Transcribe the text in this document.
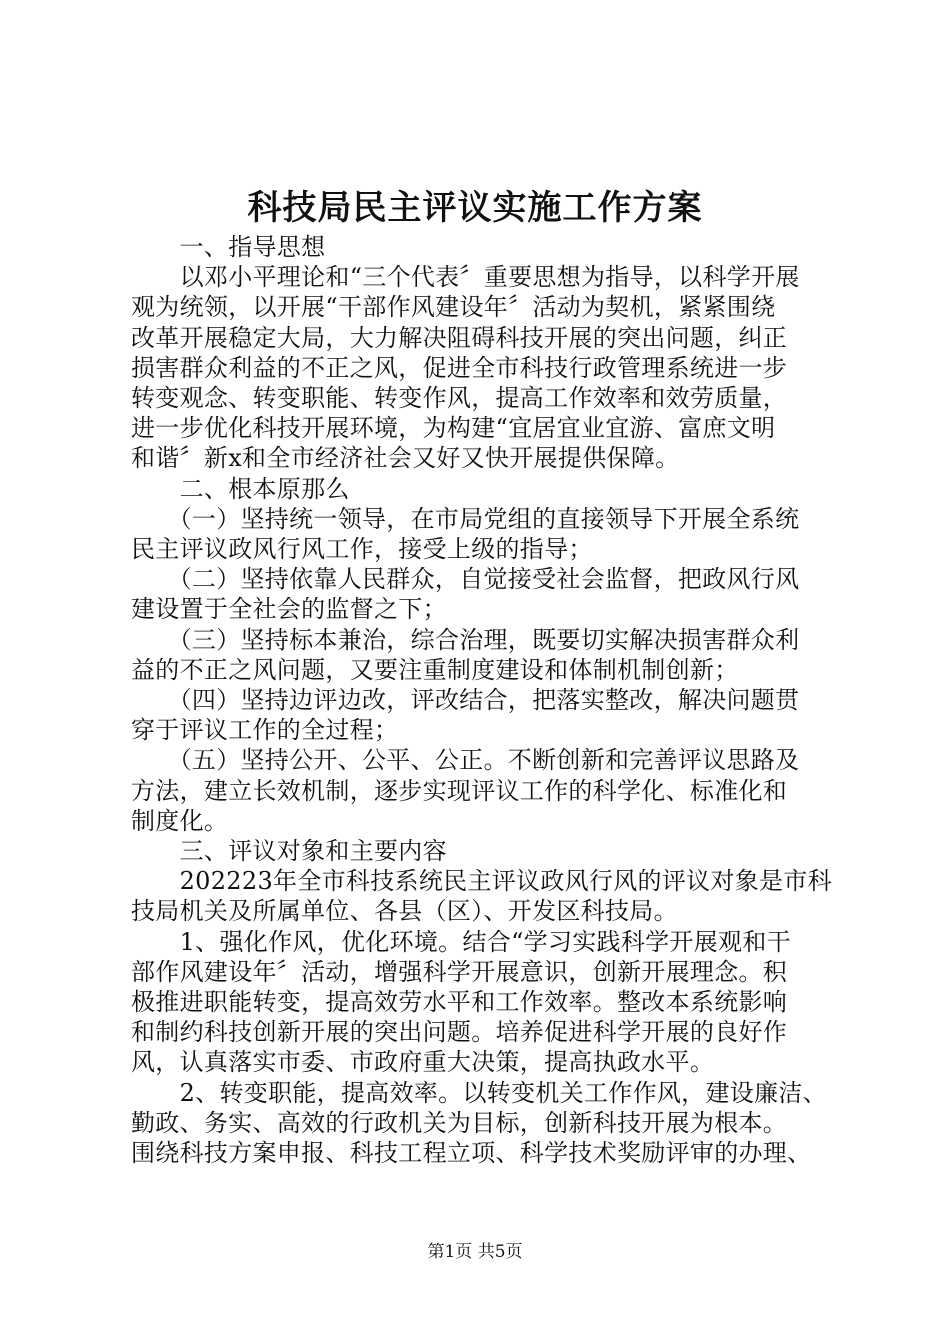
科技局民主评议实施工作方案
　　一、指导思想
　　以邓小平理论和“三个代表〞重要思想为指导，以科学开展
观为统领，以开展“干部作风建设年〞活动为契机，紧紧围绕
改革开展稳定大局，大力解决阻碍科技开展的突出问题，纠正
损害群众利益的不正之风，促进全市科技行政管理系统进一步
转变观念、转变职能、转变作风，提高工作效率和效劳质量，
进一步优化科技开展环境，为构建“宜居宜业宜游、富庶文明
和谐〞新x和全市经济社会又好又快开展提供保障。
　　二、根本原那么
　　（一）坚持统一领导，在市局党组的直接领导下开展全系统
民主评议政风行风工作，接受上级的指导；
　　（二）坚持依靠人民群众，自觉接受社会监督，把政风行风
建设置于全社会的监督之下；
　　（三）坚持标本兼治，综合治理，既要切实解决损害群众利
益的不正之风问题，又要注重制度建设和体制机制创新；
　　（四）坚持边评边改，评改结合，把落实整改，解决问题贯
穿于评议工作的全过程；
　　（五）坚持公开、公平、公正。不断创新和完善评议思路及
方法，建立长效机制，逐步实现评议工作的科学化、标准化和
制度化。
　　三、评议对象和主要内容
　　202223年全市科技系统民主评议政风行风的评议对象是市科
技局机关及所属单位、各县（区）、开发区科技局。
　　1、强化作风，优化环境。结合“学习实践科学开展观和干
部作风建设年〞活动，增强科学开展意识，创新开展理念。积
极推进职能转变，提高效劳水平和工作效率。整改本系统影响
和制约科技创新开展的突出问题。培养促进科学开展的良好作
风，认真落实市委、市政府重大决策，提高执政水平。
　　2、转变职能，提高效率。以转变机关工作作风，建设廉洁、
勤政、务实、高效的行政机关为目标，创新科技开展为根本。
围绕科技方案申报、科技工程立项、科学技术奖励评审的办理、
第1页 共5页
